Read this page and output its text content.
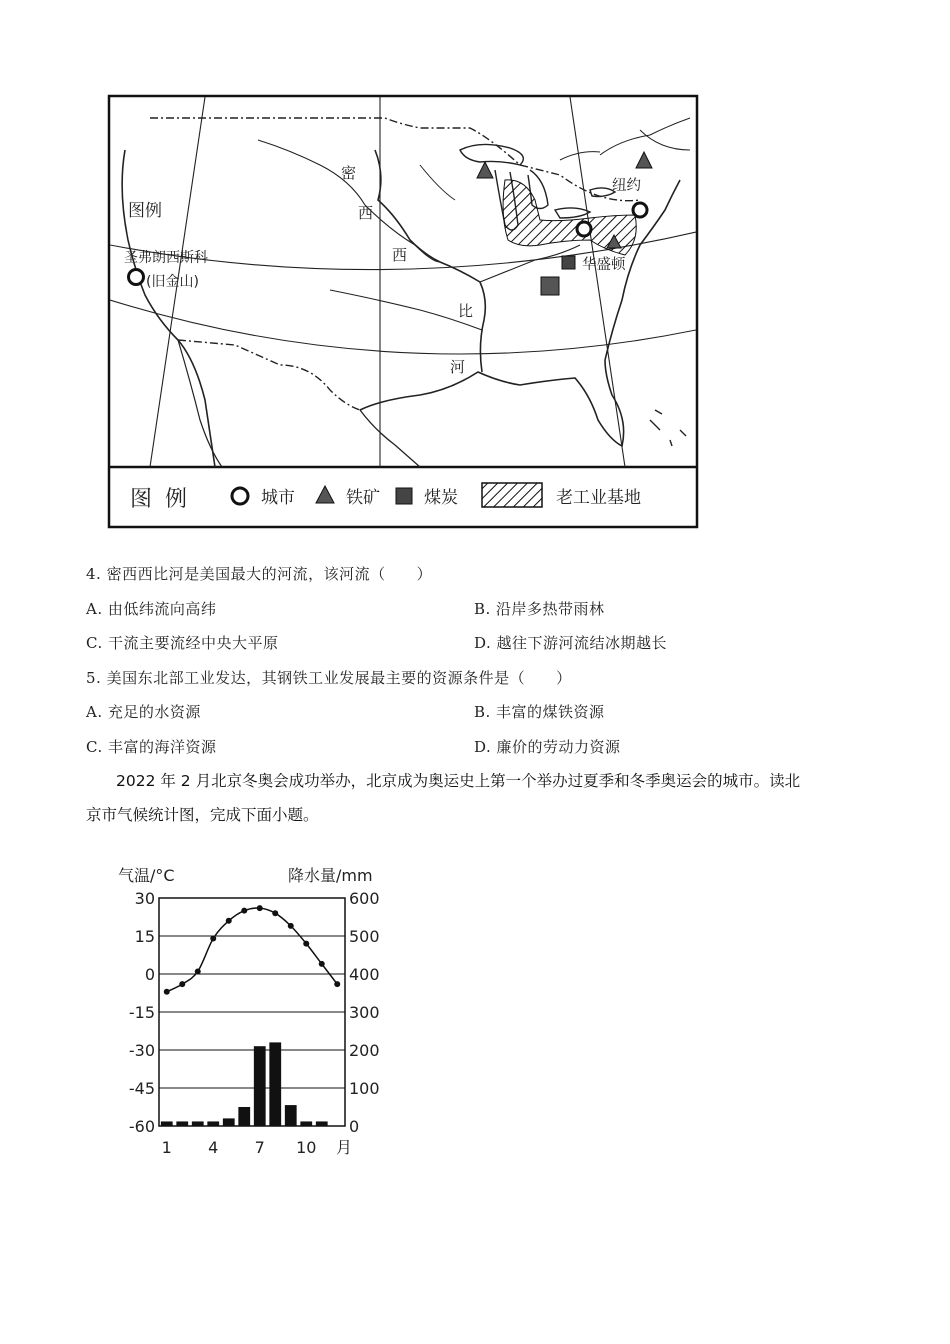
密
西
西
比
河
图例
圣弗朗西斯科
(旧金山)
纽约
华盛顿
图 例	城市	铁矿	煤炭	老工业基地
4. 密西西比河是美国最大的河流，该河流（　　）
A. 由低纬流向高纬	B. 沿岸多热带雨林
C. 干流主要流经中央大平原	D. 越往下游河流结冰期越长
5. 美国东北部工业发达，其钢铁工业发展最主要的资源条件是（　　）
A. 充足的水资源	B. 丰富的煤铁资源
C. 丰富的海洋资源	D. 廉价的劳动力资源
2022 年 2 月北京冬奥会成功举办，北京成为奥运史上第一个举办过夏季和冬季奥运会的城市。读北
京市气候统计图，完成下面小题。
气温/°C	降水量/mm
30
15
0
-15
-30
-45
-60
600
500
400
300
200
100
0
1 4 7 10 月
